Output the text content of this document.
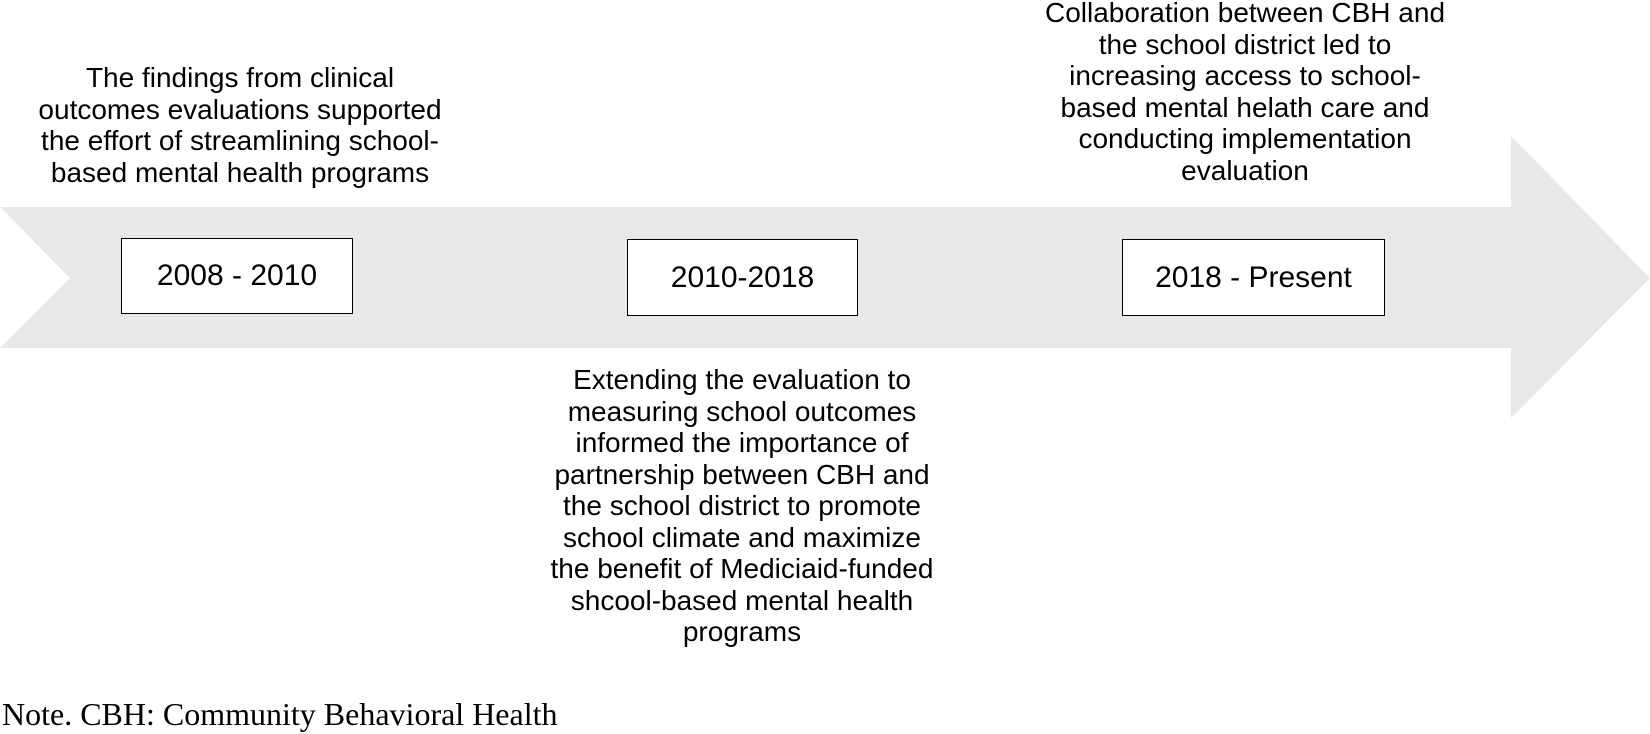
The findings from clinical
outcomes evaluations supported
the effort of streamlining school-
based mental health programs
Collaboration between CBH and
the school district led to
increasing access to school-
based mental helath care and
conducting implementation
evaluation
2008 - 2010	2010-2018	2018 - Present
Extending the evaluation to
measuring school outcomes
informed the importance of
partnership between CBH and
the school district to promote
school climate and maximize
the benefit of Mediciaid-funded
shcool-based mental health
programs
Note. CBH: Community Behavioral Health
